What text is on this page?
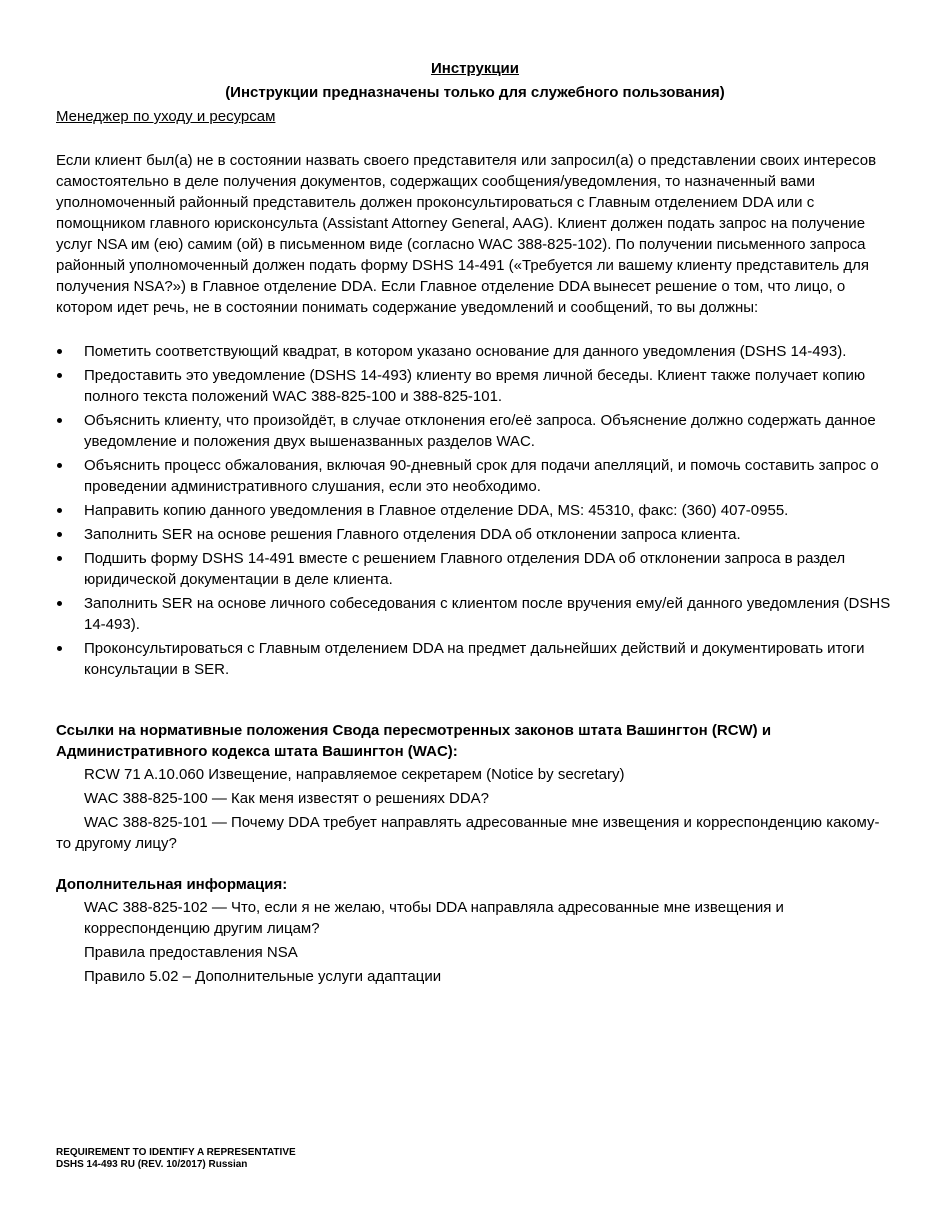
Инструкции
(Инструкции предназначены только для служебного пользования)
Менеджер по уходу и ресурсам

Если клиент был(а) не в состоянии назвать своего представителя или запросил(а) о представлении своих интересов самостоятельно в деле получения документов, содержащих сообщения/уведомления, то назначенный вами уполномоченный районный представитель должен проконсультироваться с Главным отделением DDA или с помощником главного юрисконсульта (Assistant Attorney General, AAG). Клиент должен подать запрос на получение услуг NSA им (ею) самим (ой) в письменном виде (согласно WAC 388-825-102). По получении письменного запроса районный уполномоченный должен подать форму DSHS 14-491 («Требуется ли вашему клиенту представитель для получения NSA?») в Главное отделение DDA. Если Главное отделение DDA вынесет решение о том, что лицо, о котором идет речь, не в состоянии понимать содержание уведомлений и сообщений, то вы должны:

Пометить соответствующий квадрат, в котором указано основание для данного уведомления (DSHS 14-493).
Предоставить это уведомление (DSHS 14-493) клиенту во время личной беседы. Клиент также получает копию полного текста положений WAC 388-825-100 и 388-825-101.
Объяснить клиенту, что произойдёт, в случае отклонения его/её запроса. Объяснение должно содержать данное уведомление и положения двух вышеназванных разделов WAC.
Объяснить процесс обжалования, включая 90-дневный срок для подачи апелляций, и помочь составить запрос о проведении административного слушания, если это необходимо.
Направить копию данного уведомления в Главное отделение DDA, MS: 45310, факс: (360) 407-0955.
Заполнить SER на основе решения Главного отделения DDA об отклонении запроса клиента.
Подшить форму DSHS 14-491 вместе с решением Главного отделения DDA об отклонении запроса в раздел юридической документации в деле клиента.
Заполнить SER на основе личного собеседования с клиентом после вручения ему/ей данного уведомления (DSHS 14-493).
Проконсультироваться с Главным отделением DDA на предмет дальнейших действий и документировать итоги консультации в SER.
Ссылки на нормативные положения Свода пересмотренных законов штата Вашингтон (RCW) и Административного кодекса штата Вашингтон (WAC):
RCW 71 A.10.060 Извещение, направляемое секретарем (Notice by secretary)
WAC 388-825-100 — Как меня известят о решениях DDA?
WAC 388-825-101 — Почему DDA требует направлять адресованные мне извещения и корреспонденцию какому-то другому лицу?
Дополнительная информация:
WAC 388-825-102 — Что, если я не желаю, чтобы DDA направляла адресованные мне извещения и корреспонденцию другим лицам?
Правила предоставления NSA
Правило 5.02 – Дополнительные услуги адаптации
REQUIREMENT TO IDENTIFY A REPRESENTATIVE
DSHS 14-493 RU (REV. 10/2017) Russian
